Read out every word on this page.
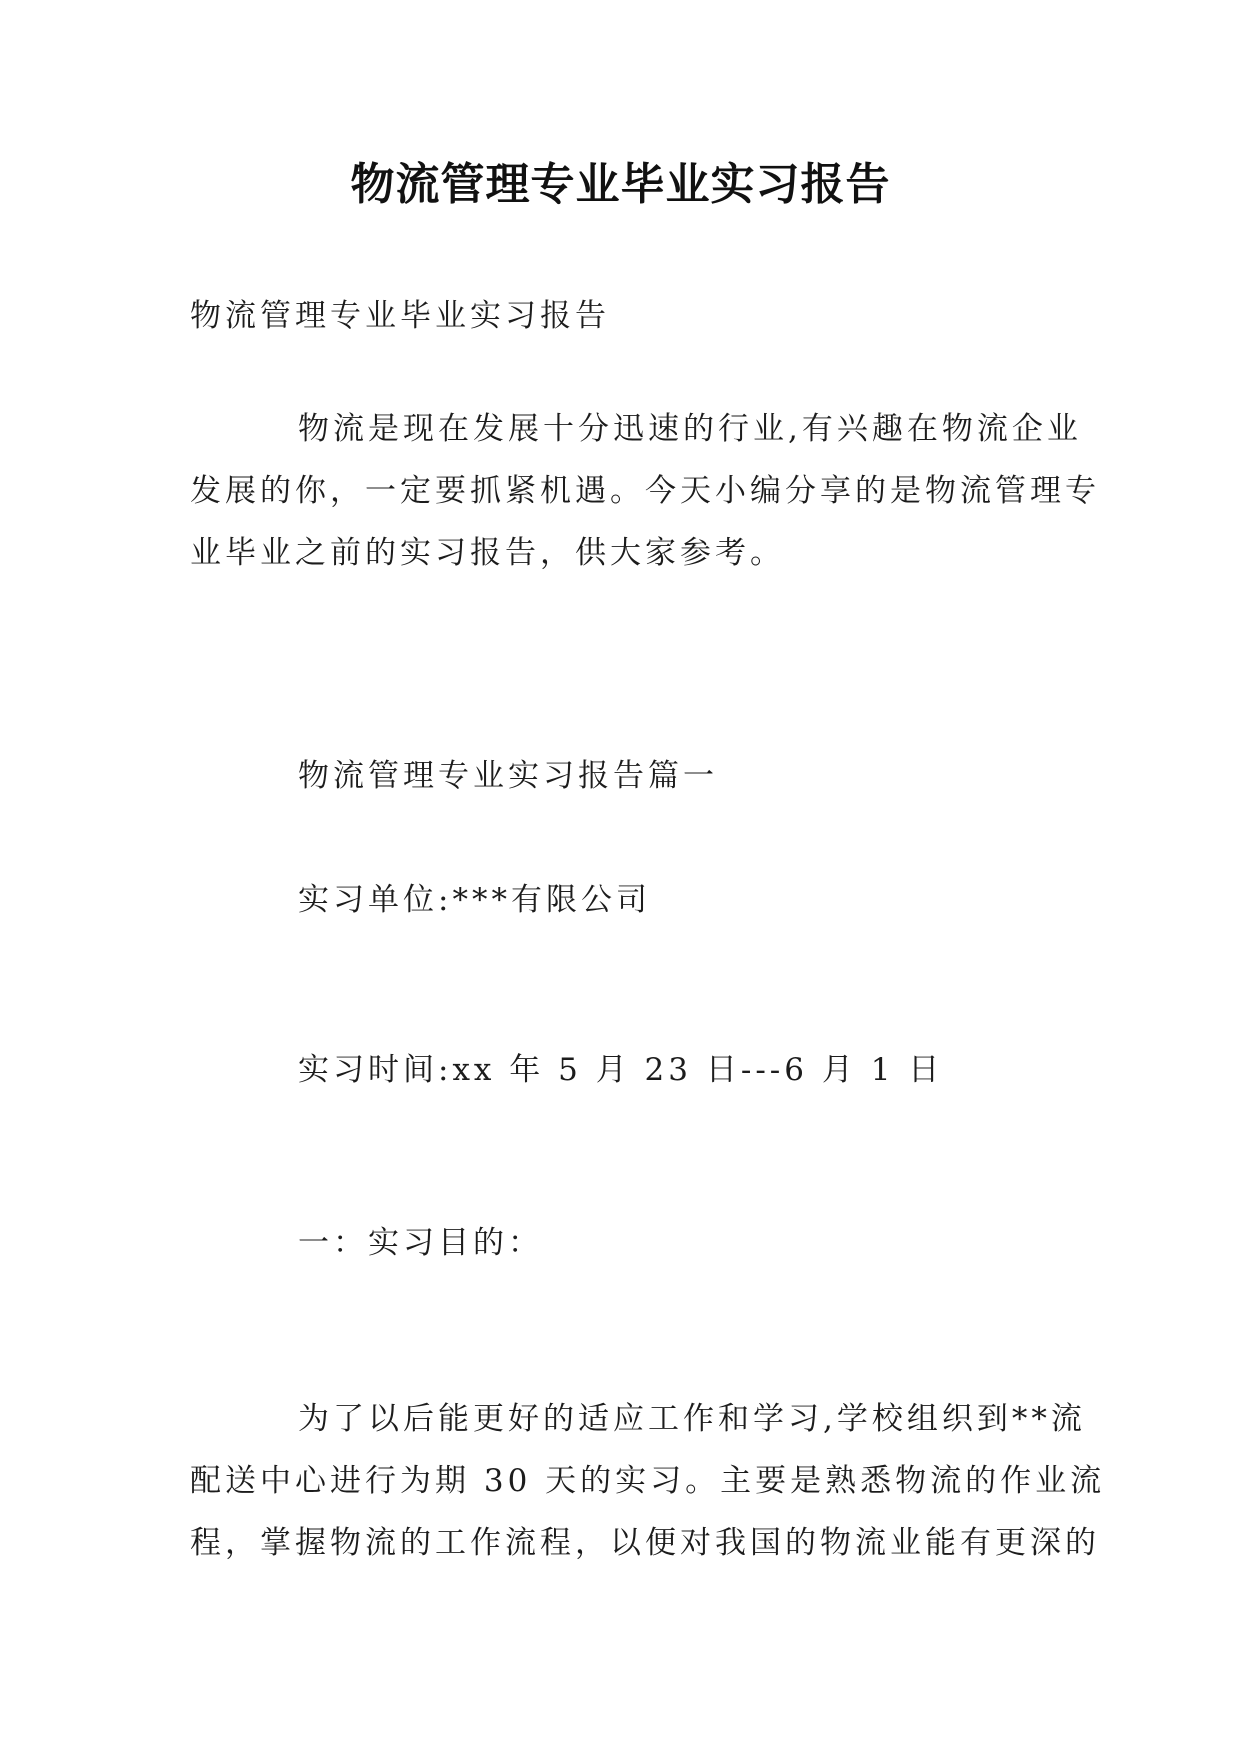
物流管理专业毕业实习报告
物流管理专业毕业实习报告
物流是现在发展十分迅速的行业,有兴趣在物流企业
发展的你，一定要抓紧机遇。今天小编分享的是物流管理专
业毕业之前的实习报告，供大家参考。
物流管理专业实习报告篇一
实习单位:***有限公司
实习时间:xx 年 5 月 23 日---6 月 1 日
一：实习目的：
为了以后能更好的适应工作和学习,学校组织到**流
配送中心进行为期 30 天的实习。主要是熟悉物流的作业流
程，掌握物流的工作流程，以便对我国的物流业能有更深的
